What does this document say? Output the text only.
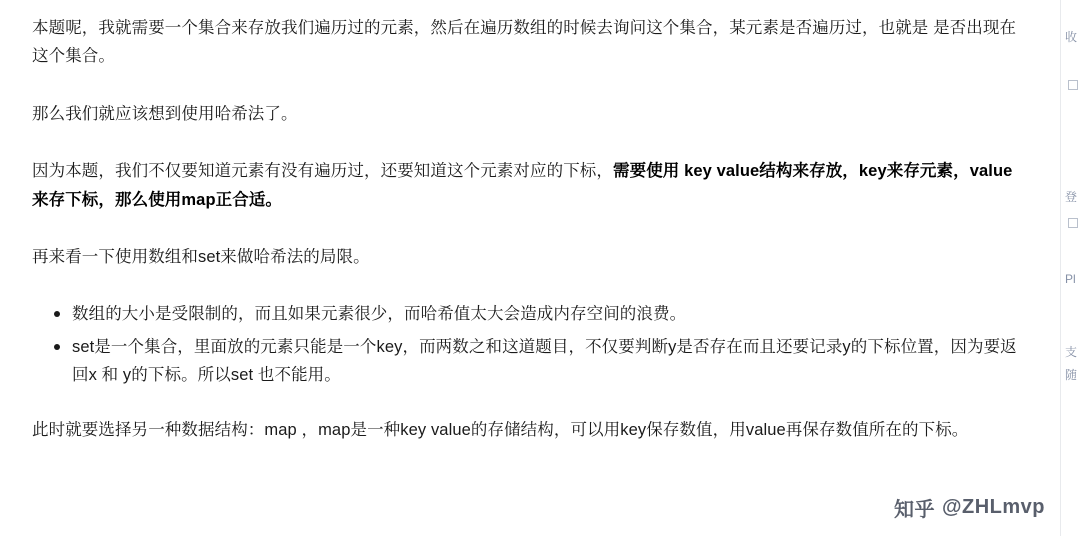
本题呢，我就需要一个集合来存放我们遍历过的元素，然后在遍历数组的时候去询问这个集合，某元素是否遍历过，也就是 是否出现在这个集合。

那么我们就应该想到使用哈希法了。

因为本题，我们不仅要知道元素有没有遍历过，还要知道这个元素对应的下标，需要使用 key value结构来存放，key来存元素，value来存下标，那么使用map正合适。

再来看一下使用数组和set来做哈希法的局限。

数组的大小是受限制的，而且如果元素很少，而哈希值太大会造成内存空间的浪费。
set是一个集合，里面放的元素只能是一个key，而两数之和这道题目，不仅要判断y是否存在而且还要记录y的下标位置，因为要返回x 和 y的下标。所以set 也不能用。

此时就要选择另一种数据结构：map ，map是一种key value的存储结构，可以用key保存数值，用value再保存数值所在的下标。

收
登
Pl
支
随
知乎 @ZHLmvp
